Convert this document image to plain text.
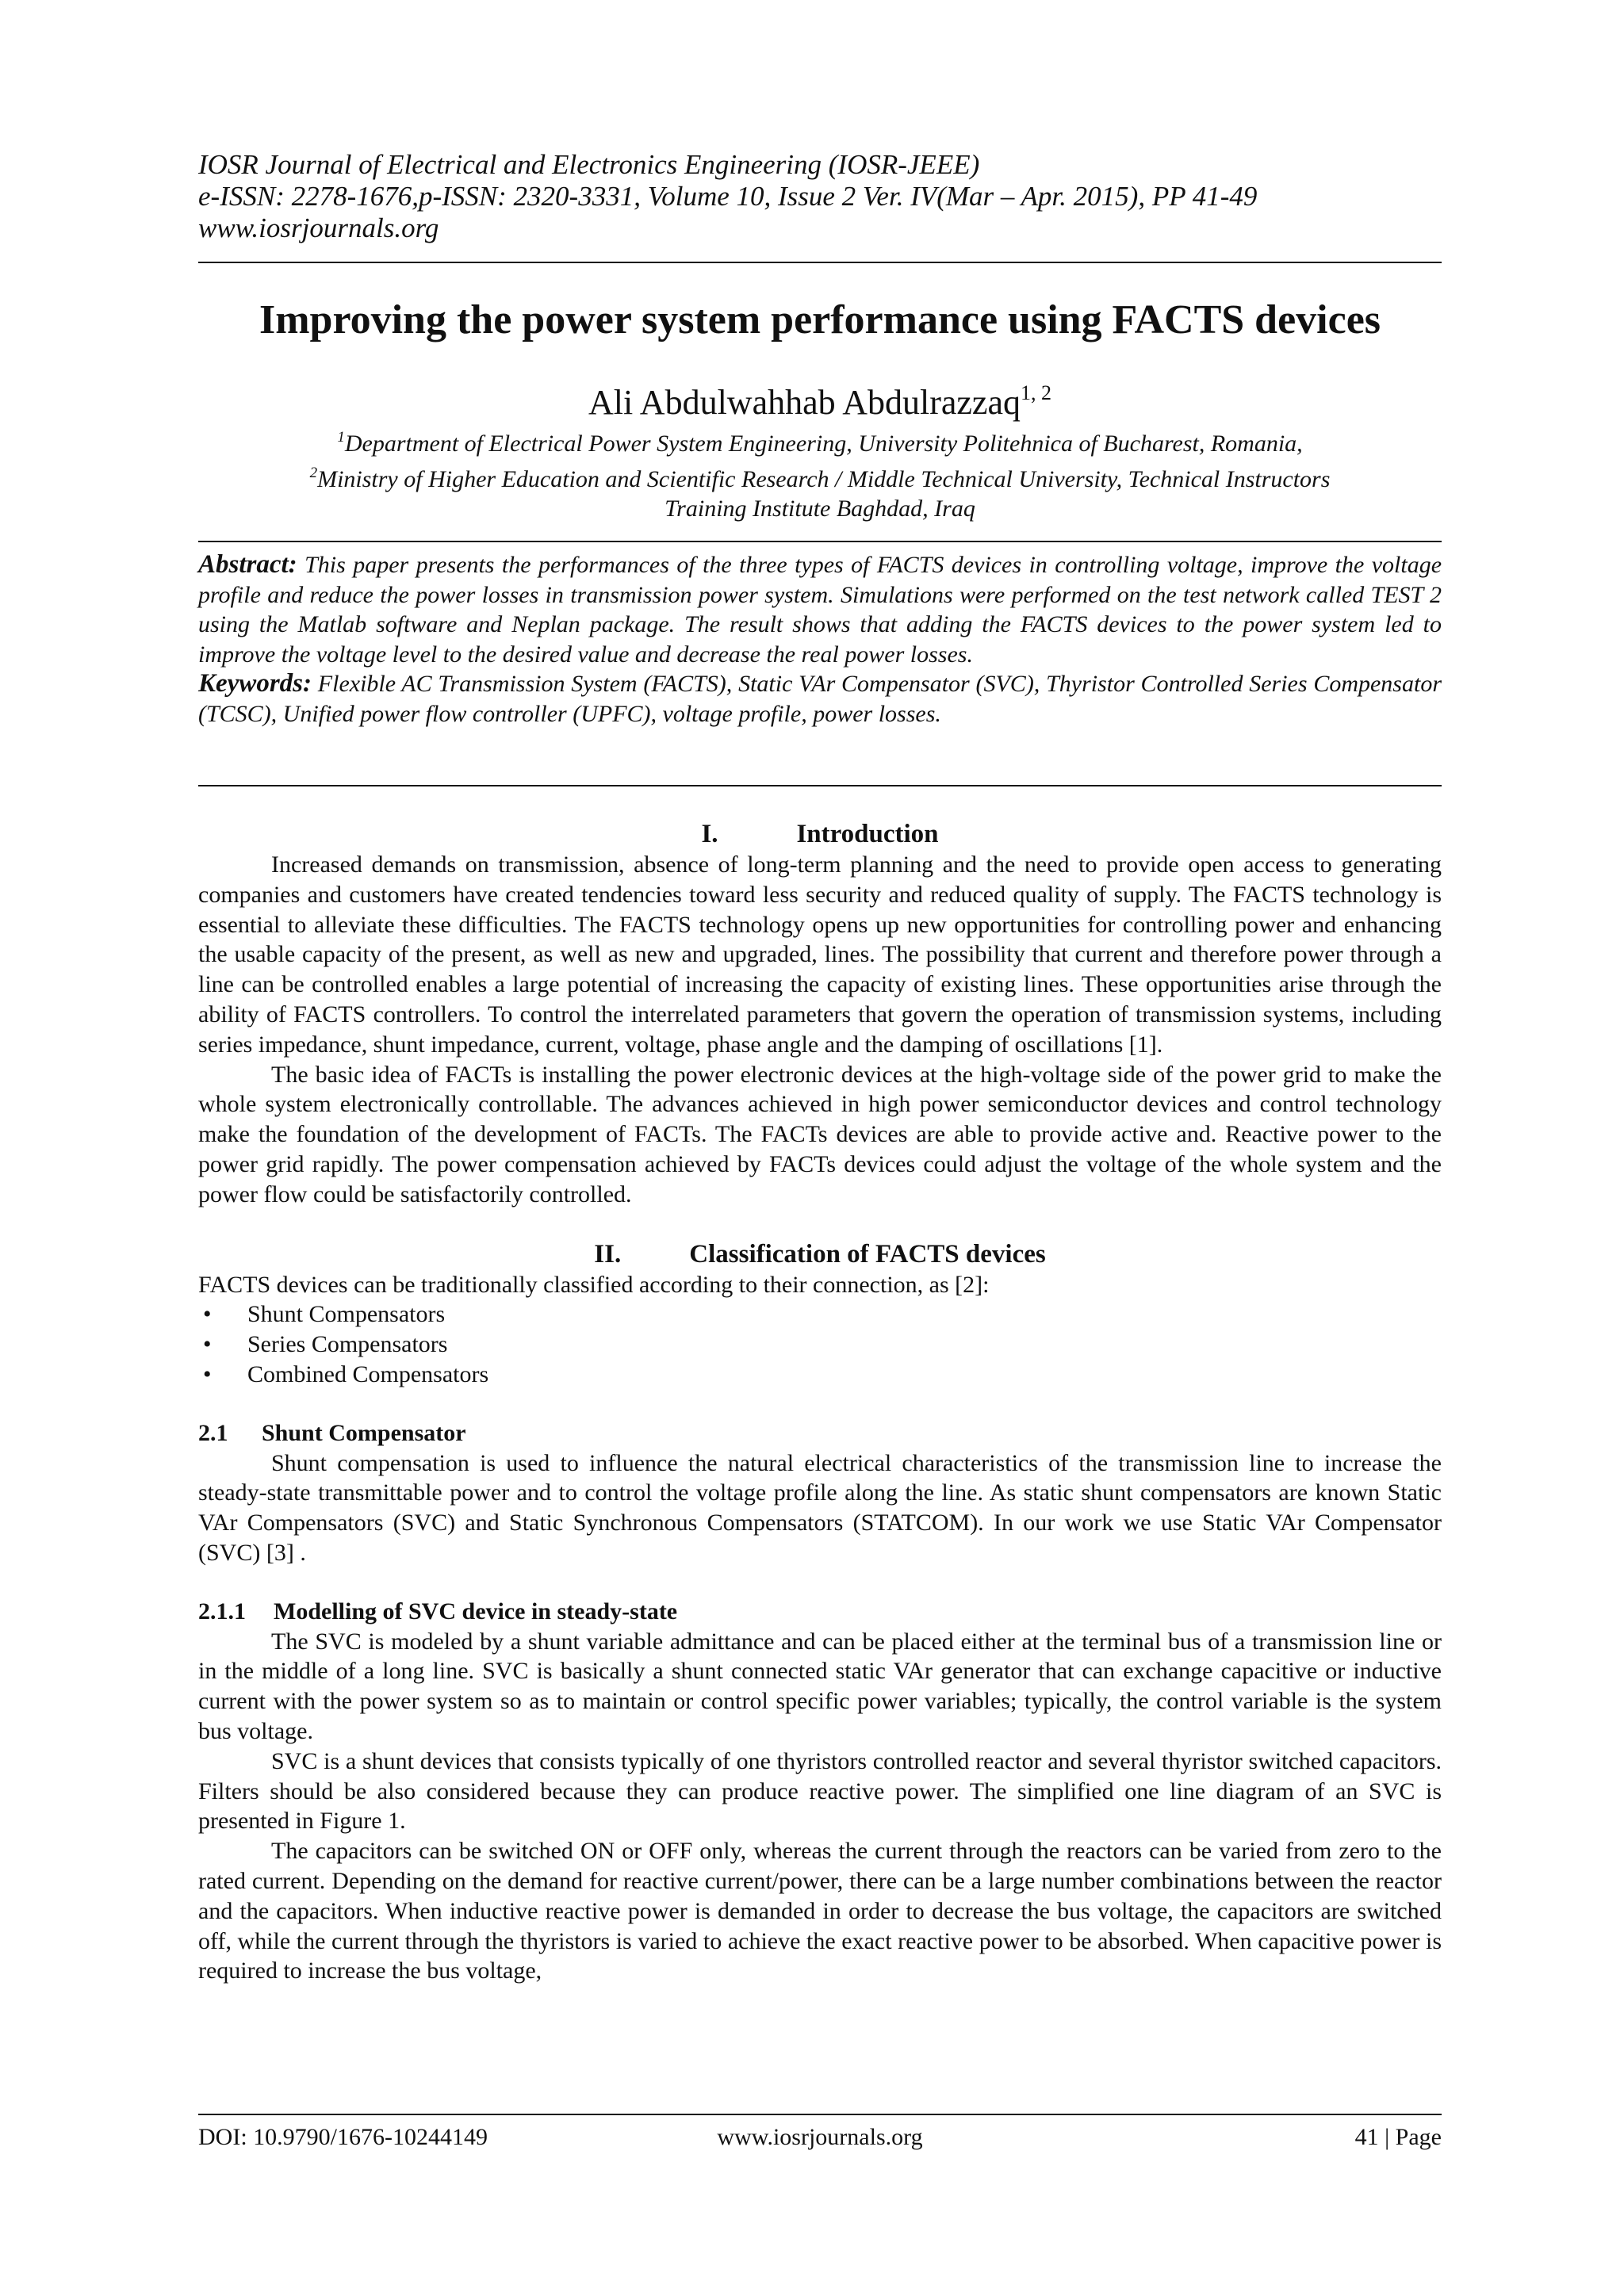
IOSR Journal of Electrical and Electronics Engineering (IOSR-JEEE)
e-ISSN: 2278-1676,p-ISSN: 2320-3331, Volume 10, Issue 2 Ver. IV(Mar – Apr. 2015), PP 41-49
www.iosrjournals.org
Improving the power system performance using FACTS devices
Ali Abdulwahhab Abdulrazzaq$^{1, 2}$
$^1$Department of Electrical Power System Engineering, University Politehnica of Bucharest, Romania,
$^2$Ministry of Higher Education and Scientific Research / Middle Technical University, Technical Instructors
Training Institute Baghdad, Iraq

Abstract: This paper presents the performances of the three types of FACTS devices in controlling voltage, improve the voltage profile and reduce the power losses in transmission power system. Simulations were performed on the test network called TEST 2 using the Matlab software and Neplan package. The result shows that adding the FACTS devices to the power system led to improve the voltage level to the desired value and decrease the real power losses.

Keywords: Flexible AC Transmission System (FACTS), Static VAr Compensator (SVC), Thyristor Controlled Series Compensator (TCSC), Unified power flow controller (UPFC), voltage profile, power losses.

I.	Introduction

Increased demands on transmission, absence of long-term planning and the need to provide open access to generating companies and customers have created tendencies toward less security and reduced quality of supply. The FACTS technology is essential to alleviate these difficulties. The FACTS technology opens up new opportunities for controlling power and enhancing the usable capacity of the present, as well as new and upgraded, lines. The possibility that current and therefore power through a line can be controlled enables a large potential of increasing the capacity of existing lines. These opportunities arise through the ability of FACTS controllers. To control the interrelated parameters that govern the operation of transmission systems, including series impedance, shunt impedance, current, voltage, phase angle and the damping of oscillations [1].

The basic idea of FACTs is installing the power electronic devices at the high-voltage side of the power grid to make the whole system electronically controllable. The advances achieved in high power semiconductor devices and control technology make the foundation of the development of FACTs. The FACTs devices are able to provide active and. Reactive power to the power grid rapidly. The power compensation achieved by FACTs devices could adjust the voltage of the whole system and the power flow could be satisfactorily controlled.

II.	Classification of FACTS devices

FACTS devices can be traditionally classified according to their connection, as [2]:

• Shunt Compensators
• Series Compensators
• Combined Compensators
2.1 Shunt Compensator

Shunt compensation is used to influence the natural electrical characteristics of the transmission line to increase the steady-state transmittable power and to control the voltage profile along the line. As static shunt compensators are known Static VAr Compensators (SVC) and Static Synchronous Compensators (STATCOM). In our work we use Static VAr Compensator (SVC) [3] .

2.1.1 Modelling of SVC device in steady-state

The SVC is modeled by a shunt variable admittance and can be placed either at the terminal bus of a transmission line or in the middle of a long line. SVC is basically a shunt connected static VAr generator that can exchange capacitive or inductive current with the power system so as to maintain or control specific power variables; typically, the control variable is the system bus voltage.

SVC is a shunt devices that consists typically of one thyristors controlled reactor and several thyristor switched capacitors. Filters should be also considered because they can produce reactive power. The simplified one line diagram of an SVC is presented in Figure 1.

The capacitors can be switched ON or OFF only, whereas the current through the reactors can be varied from zero to the rated current. Depending on the demand for reactive current/power, there can be a large number combinations between the reactor and the capacitors. When inductive reactive power is demanded in order to decrease the bus voltage, the capacitors are switched off, while the current through the thyristors is varied to achieve the exact reactive power to be absorbed. When capacitive power is required to increase the bus voltage,

www.iosrjournals.org
DOI: 10.9790/1676-10244149	41 | Page
